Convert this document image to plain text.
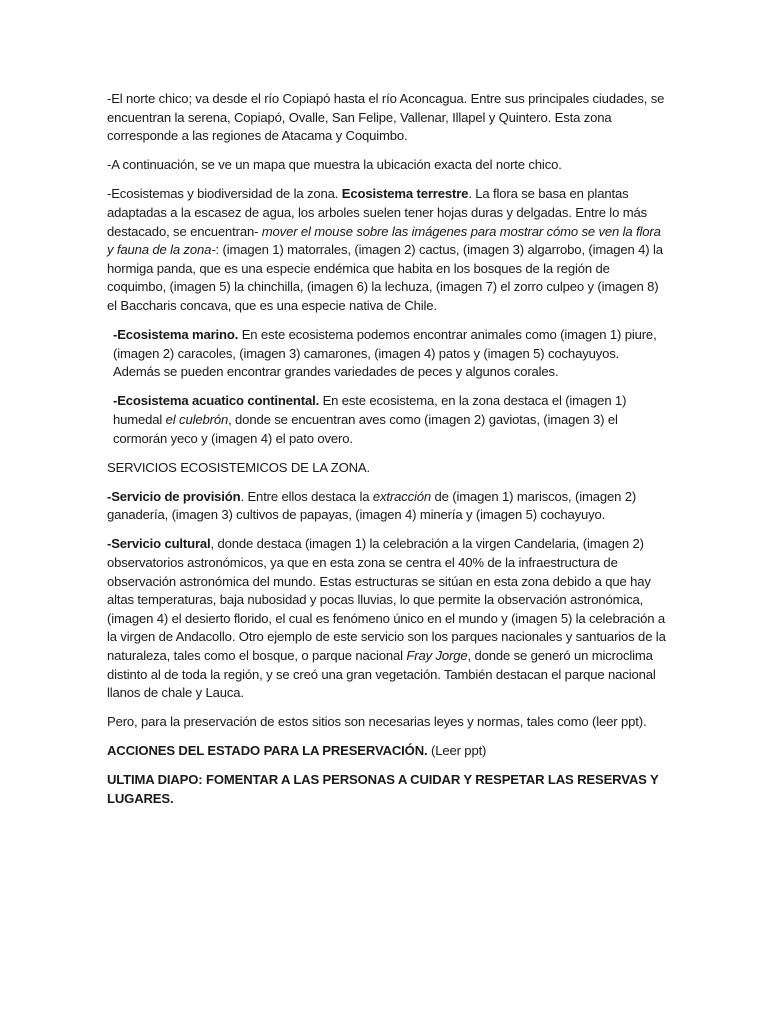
-El norte chico; va desde el río Copiapó hasta el río Aconcagua. Entre sus principales ciudades, se encuentran la serena, Copiapó, Ovalle, San Felipe, Vallenar, Illapel y Quintero. Esta zona corresponde a las regiones de Atacama y Coquimbo.

-A continuación, se ve un mapa que muestra la ubicación exacta del norte chico.

-Ecosistemas y biodiversidad de la zona. Ecosistema terrestre. La flora se basa en plantas adaptadas a la escasez de agua, los arboles suelen tener hojas duras y delgadas. Entre lo más destacado, se encuentran- mover el mouse sobre las imágenes para mostrar cómo se ven la flora y fauna de la zona-: (imagen 1) matorrales, (imagen 2) cactus, (imagen 3) algarrobo, (imagen 4) la hormiga panda, que es una especie endémica que habita en los bosques de la región de coquimbo, (imagen 5) la chinchilla, (imagen 6) la lechuza, (imagen 7) el zorro culpeo y (imagen 8) el Baccharis concava, que es una especie nativa de Chile.

-Ecosistema marino. En este ecosistema podemos encontrar animales como (imagen 1) piure, (imagen 2) caracoles, (imagen 3) camarones, (imagen 4) patos y (imagen 5) cochayuyos. Además se pueden encontrar grandes variedades de peces y algunos corales.

-Ecosistema acuatico continental. En este ecosistema, en la zona destaca el (imagen 1) humedal el culebrón, donde se encuentran aves como (imagen 2) gaviotas, (imagen 3) el cormorán yeco y (imagen 4) el pato overo.

SERVICIOS ECOSISTEMICOS DE LA ZONA.

-Servicio de provisión. Entre ellos destaca la extracción de (imagen 1) mariscos, (imagen 2) ganadería, (imagen 3) cultivos de papayas, (imagen 4) minería y (imagen 5) cochayuyo.

-Servicio cultural, donde destaca (imagen 1) la celebración a la virgen Candelaria, (imagen 2) observatorios astronómicos, ya que en esta zona se centra el 40% de la infraestructura de observación astronómica del mundo. Estas estructuras se sitúan en esta zona debido a que hay altas temperaturas, baja nubosidad y pocas lluvias, lo que permite la observación astronómica, (imagen 4) el desierto florido, el cual es fenómeno único en el mundo y (imagen 5) la celebración a la virgen de Andacollo. Otro ejemplo de este servicio son los parques nacionales y santuarios de la naturaleza, tales como el bosque, o parque nacional Fray Jorge, donde se generó un microclima distinto al de toda la región, y se creó una gran vegetación. También destacan el parque nacional llanos de chale y Lauca.

Pero, para la preservación de estos sitios son necesarias leyes y normas, tales como (leer ppt).

ACCIONES DEL ESTADO PARA LA PRESERVACIÓN. (Leer ppt)

ULTIMA DIAPO: FOMENTAR A LAS PERSONAS A CUIDAR Y RESPETAR LAS RESERVAS Y LUGARES.
